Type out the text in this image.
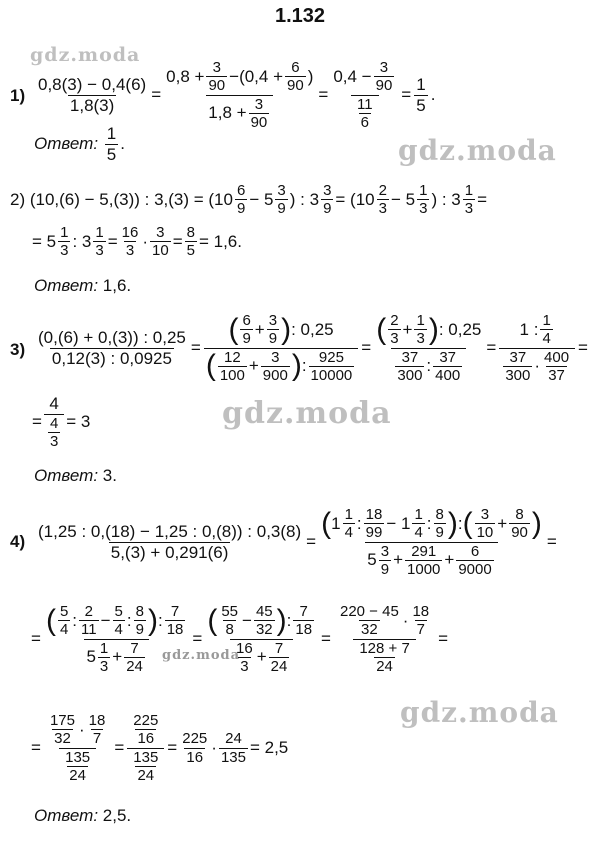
1.132
gdz.moda
gdz.moda
gdz.moda
gdz.moda
gdz.moda
$1) \frac{0,8(3) - 0,4(6)}{1,8(3)} = \frac{0,8 + \frac{3}{90} - (0,4 + \frac{6}{90} )}{1,8 + \frac{3}{90}} = \frac{0,4 - \frac{3}{90}}{\frac{11}{6}} = \frac{1}{5}$ .
Ответ : $\frac{1}{5}$ .
2) (10,(6) − 5,(3)) : $3,(3) = (10 \frac{6}{9} - 5 \frac{3}{9}$ ) : $3 \frac{3}{9} = (10 \frac{2}{3} - 5 \frac{1}{3}$ ) : $3 \frac{1}{3}$ =
= $5 \frac{1}{3}$ : $3 \frac{1}{3} = \frac{16}{3} \cdot \frac{3}{10} = \frac{8}{5} = 1,6$.
Ответ: 1,6.
$3) \frac{(0,(6) + 0,(3)) : 0,25}{0,12(3) : 0,0925} = \frac{( \frac{6}{9} + \frac{3}{9} ) : 0,25}{( \frac{12}{100} + \frac{3}{900} ) : \frac{925}{10000}} = \frac{( \frac{2}{3} + \frac{1}{3} ) : 0,25}{\frac{37}{300} : \frac{37}{400}} = \frac{1 : \frac{1}{4}}{\frac{37}{300} \cdot \frac{400}{37}}$ =
= $\frac{4}{\frac{4}{3}} = 3$
Ответ: 3.
$4) \frac{(1,25 : 0,(18) - 1,25 : 0,(8)) : 0,3(8)}{5,(3) + 0,291(6)} = \frac{( 1 \frac{1}{4} : \frac{18}{99} - 1 \frac{1}{4} : \frac{8}{9} ) : ( \frac{3}{10} + \frac{8}{90} )}{5 \frac{3}{9} + \frac{291}{1000} + \frac{6}{9000}}$ =
= $\frac{( \frac{5}{4} : \frac{2}{11} - \frac{5}{4} : \frac{8}{9} ) : \frac{7}{18}}{5 \frac{1}{3} + \frac{7}{24}} = \frac{( \frac{55}{8} - \frac{45}{32} ) : \frac{7}{18}}{\frac{16}{3} + \frac{7}{24}} = \frac{\frac{220 - 45}{32} \cdot \frac{18}{7}}{\frac{128 + 7}{24}}$ =
= $\frac{\frac{175}{32} \cdot \frac{18}{7}}{\frac{135}{24}} = \frac{\frac{225}{16}}{\frac{135}{24}} = \frac{225}{16} \cdot \frac{24}{135} = 2,5$
Ответ: 2,5.
